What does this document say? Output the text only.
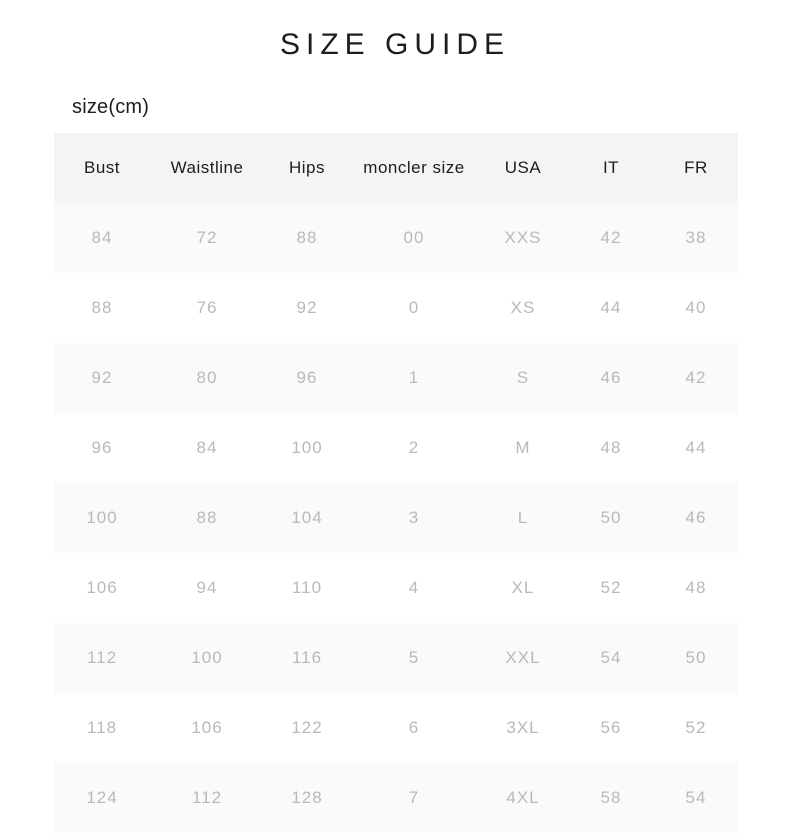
SIZE GUIDE
size(cm)
Bust	Waistline	Hips	moncler size	USA	IT	FR
84	72	88	00	XXS	42	38
88	76	92	0	XS	44	40
92	80	96	1	S	46	42
96	84	100	2	M	48	44
100	88	104	3	L	50	46
106	94	110	4	XL	52	48
112	100	116	5	XXL	54	50
118	106	122	6	3XL	56	52
124	112	128	7	4XL	58	54
